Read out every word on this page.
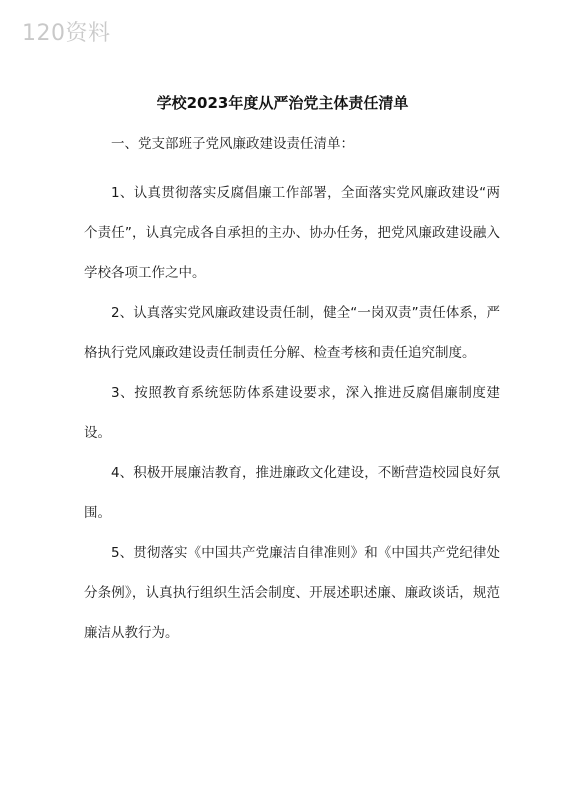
120资料
学校2023年度从严治党主体责任清单

一、党支部班子党风廉政建设责任清单：

1、认真贯彻落实反腐倡廉工作部署，全面落实党风廉政建设“两个责任”，认真完成各自承担的主办、协办任务，把党风廉政建设融入学校各项工作之中。

2、认真落实党风廉政建设责任制，健全“一岗双责”责任体系，严格执行党风廉政建设责任制责任分解、检查考核和责任追究制度。

3、按照教育系统惩防体系建设要求，深入推进反腐倡廉制度建设。

4、积极开展廉洁教育，推进廉政文化建设，不断营造校园良好氛围。

5、贯彻落实《中国共产党廉洁自律准则》和《中国共产党纪律处分条例》，认真执行组织生活会制度、开展述职述廉、廉政谈话，规范廉洁从教行为。
